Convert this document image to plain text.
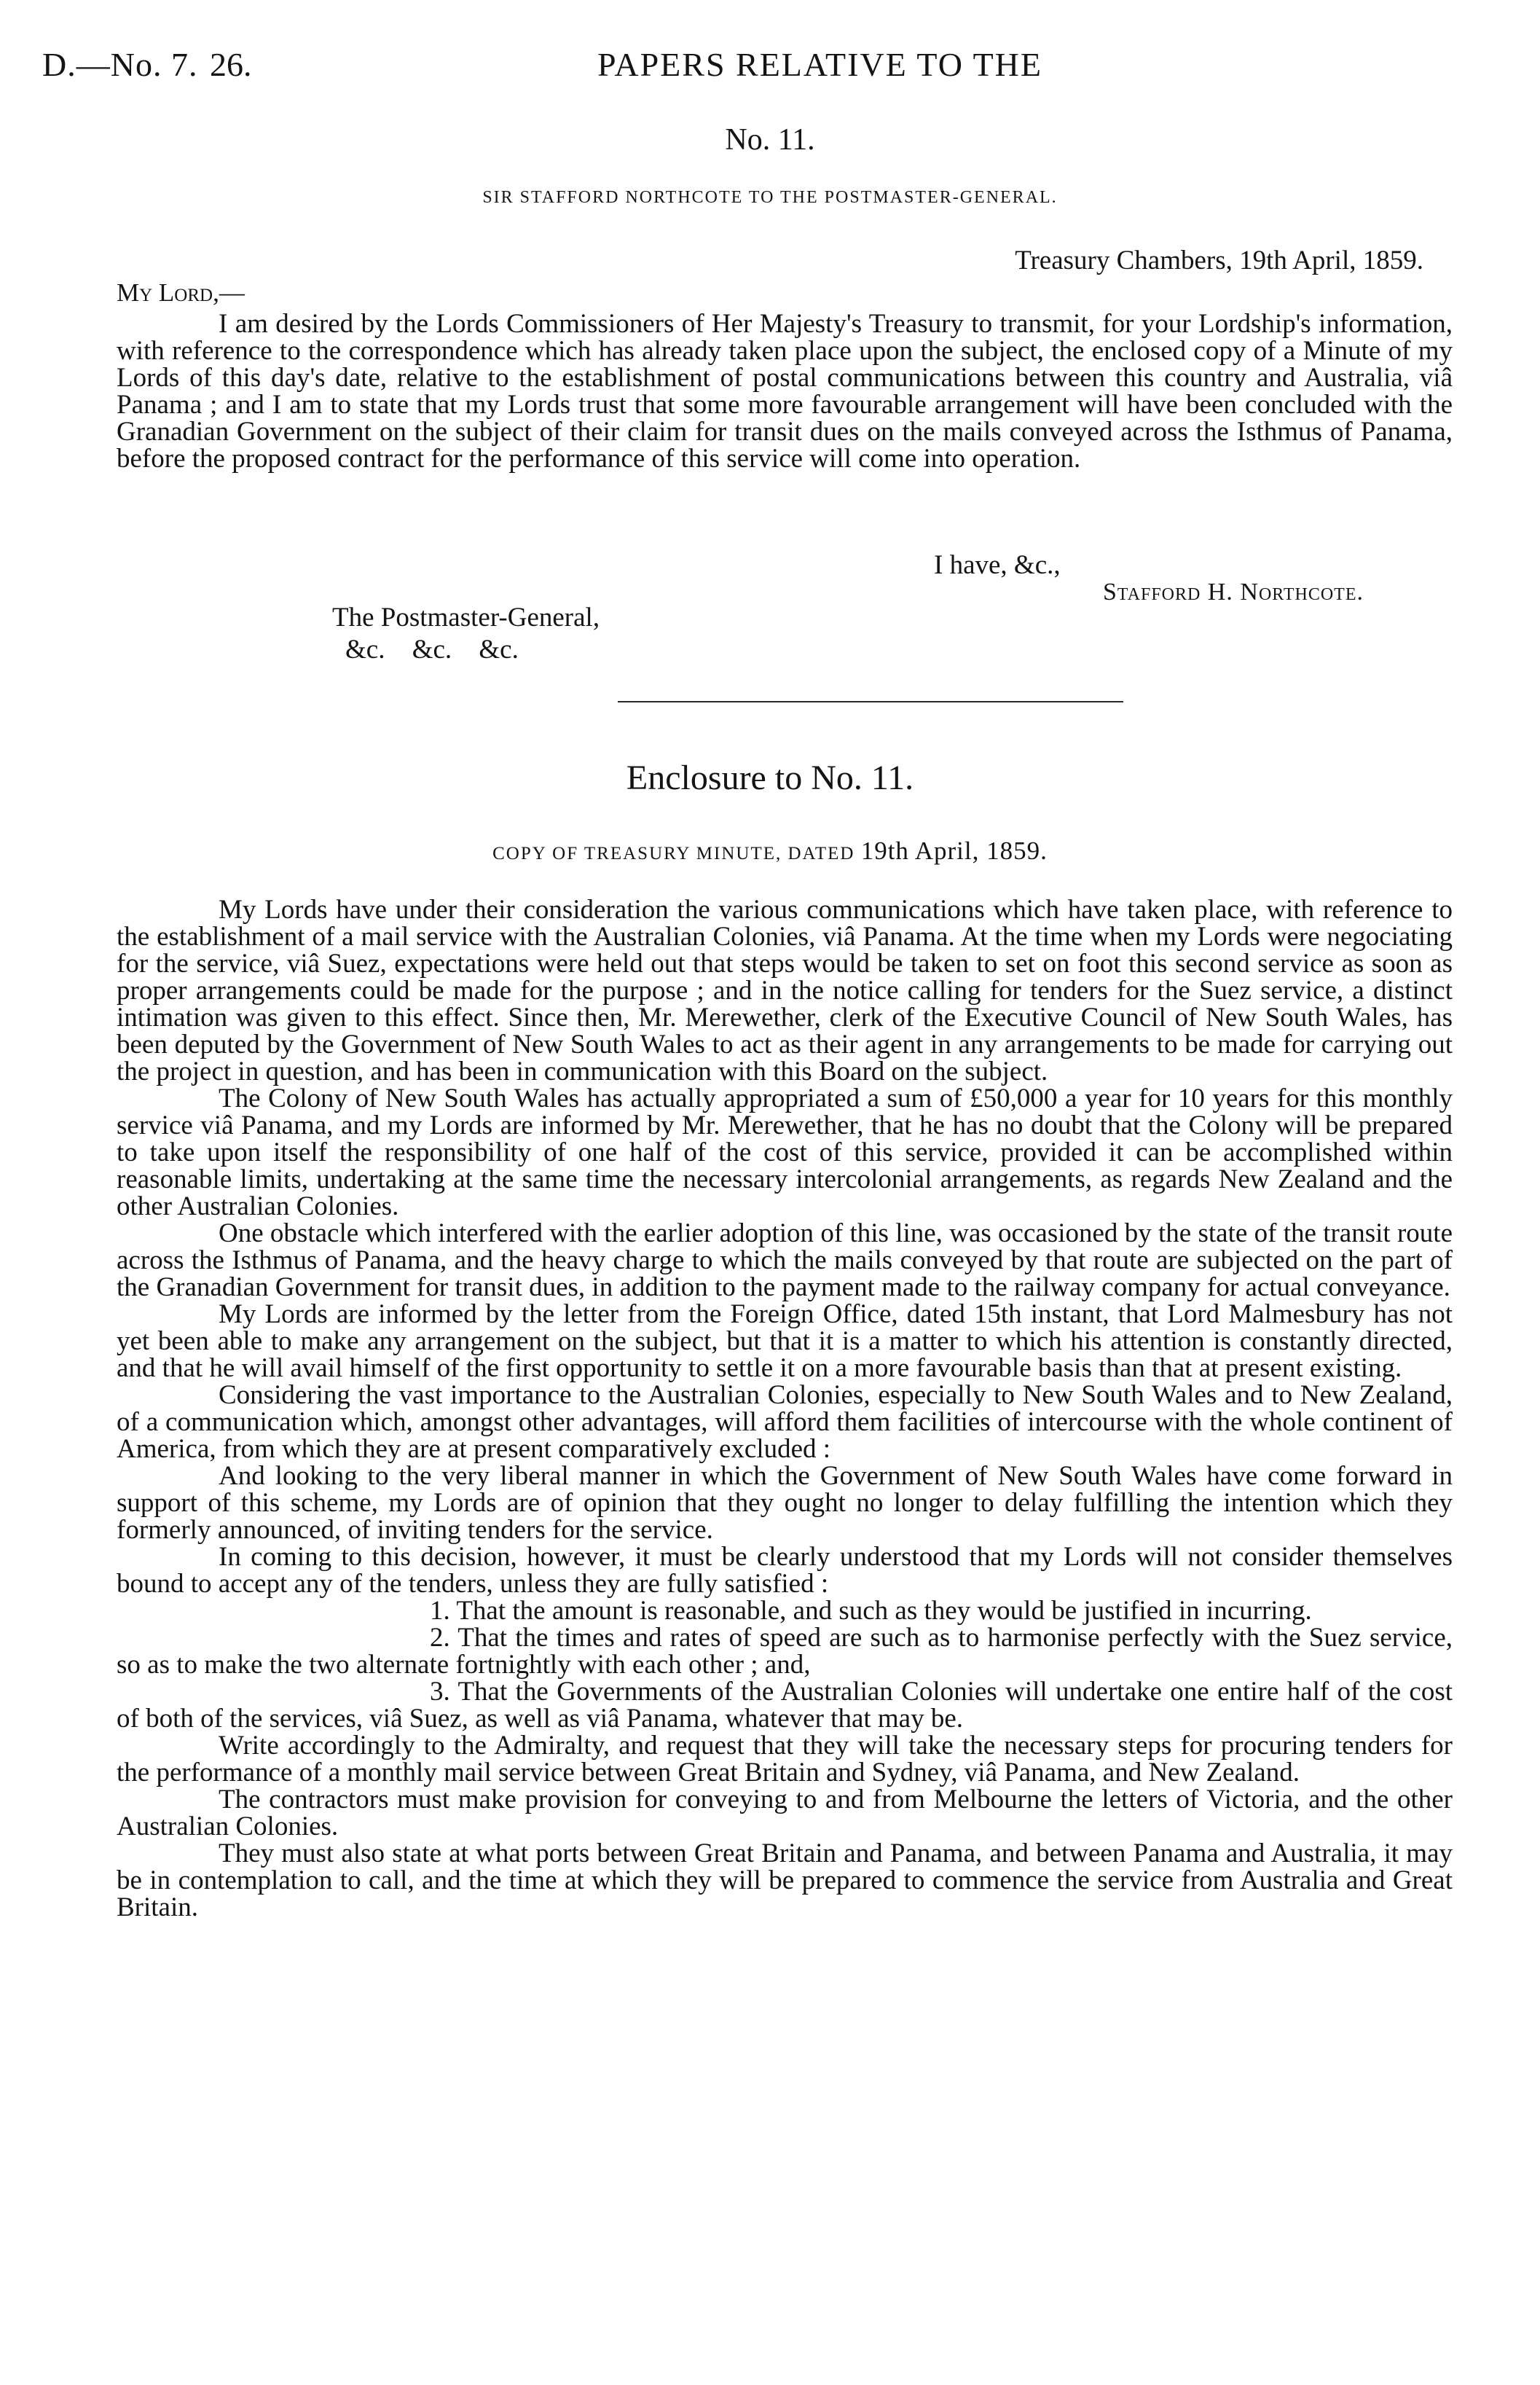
D.—No. 7. 26.	PAPERS RELATIVE TO THE
No. 11.
SIR STAFFORD NORTHCOTE TO THE POSTMASTER-GENERAL.
Treasury Chambers, 19th April, 1859.
My Lord,—

I am desired by the Lords Commissioners of Her Majesty's Treasury to transmit, for your Lordship's information, with reference to the correspondence which has already taken place upon the subject, the enclosed copy of a Minute of my Lords of this day's date, relative to the establishment of postal communications between this country and Australia, viâ Panama ; and I am to state that my Lords trust that some more favourable arrangement will have been concluded with the Granadian Government on the subject of their claim for transit dues on the mails conveyed across the Isthmus of Panama, before the proposed contract for the performance of this service will come into operation.

I have, &c.,
Stafford H. Northcote.
The Postmaster-General,
&c. &c. &c.
Enclosure to No. 11.
COPY OF TREASURY MINUTE, DATED 19th April, 1859.

My Lords have under their consideration the various communications which have taken place, with reference to the establishment of a mail service with the Australian Colonies, viâ Panama. At the time when my Lords were negociating for the service, viâ Suez, expectations were held out that steps would be taken to set on foot this second service as soon as proper arrangements could be made for the purpose ; and in the notice calling for tenders for the Suez service, a distinct intimation was given to this effect. Since then, Mr. Merewether, clerk of the Executive Council of New South Wales, has been deputed by the Government of New South Wales to act as their agent in any arrangements to be made for carrying out the project in question, and has been in communication with this Board on the subject.

The Colony of New South Wales has actually appropriated a sum of £50,000 a year for 10 years for this monthly service viâ Panama, and my Lords are informed by Mr. Merewether, that he has no doubt that the Colony will be prepared to take upon itself the responsibility of one half of the cost of this service, provided it can be accomplished within reasonable limits, undertaking at the same time the necessary intercolonial arrangements, as regards New Zealand and the other Australian Colonies.

One obstacle which interfered with the earlier adoption of this line, was occasioned by the state of the transit route across the Isthmus of Panama, and the heavy charge to which the mails conveyed by that route are subjected on the part of the Granadian Government for transit dues, in addition to the payment made to the railway company for actual conveyance.

My Lords are informed by the letter from the Foreign Office, dated 15th instant, that Lord Malmesbury has not yet been able to make any arrangement on the subject, but that it is a matter to which his attention is constantly directed, and that he will avail himself of the first opportunity to settle it on a more favourable basis than that at present existing.

Considering the vast importance to the Australian Colonies, especially to New South Wales and to New Zealand, of a communication which, amongst other advantages, will afford them facilities of intercourse with the whole continent of America, from which they are at present comparatively excluded :

And looking to the very liberal manner in which the Government of New South Wales have come forward in support of this scheme, my Lords are of opinion that they ought no longer to delay fulfilling the intention which they formerly announced, of inviting tenders for the service.

In coming to this decision, however, it must be clearly understood that my Lords will not consider themselves bound to accept any of the tenders, unless they are fully satisfied :

1. That the amount is reasonable, and such as they would be justified in incurring.

2. That the times and rates of speed are such as to harmonise perfectly with the Suez service, so as to make the two alternate fortnightly with each other ; and,

3. That the Governments of the Australian Colonies will undertake one entire half of the cost of both of the services, viâ Suez, as well as viâ Panama, whatever that may be.

Write accordingly to the Admiralty, and request that they will take the necessary steps for procuring tenders for the performance of a monthly mail service between Great Britain and Sydney, viâ Panama, and New Zealand.

The contractors must make provision for conveying to and from Melbourne the letters of Victoria, and the other Australian Colonies.

They must also state at what ports between Great Britain and Panama, and between Panama and Australia, it may be in contemplation to call, and the time at which they will be prepared to commence the service from Australia and Great Britain.
